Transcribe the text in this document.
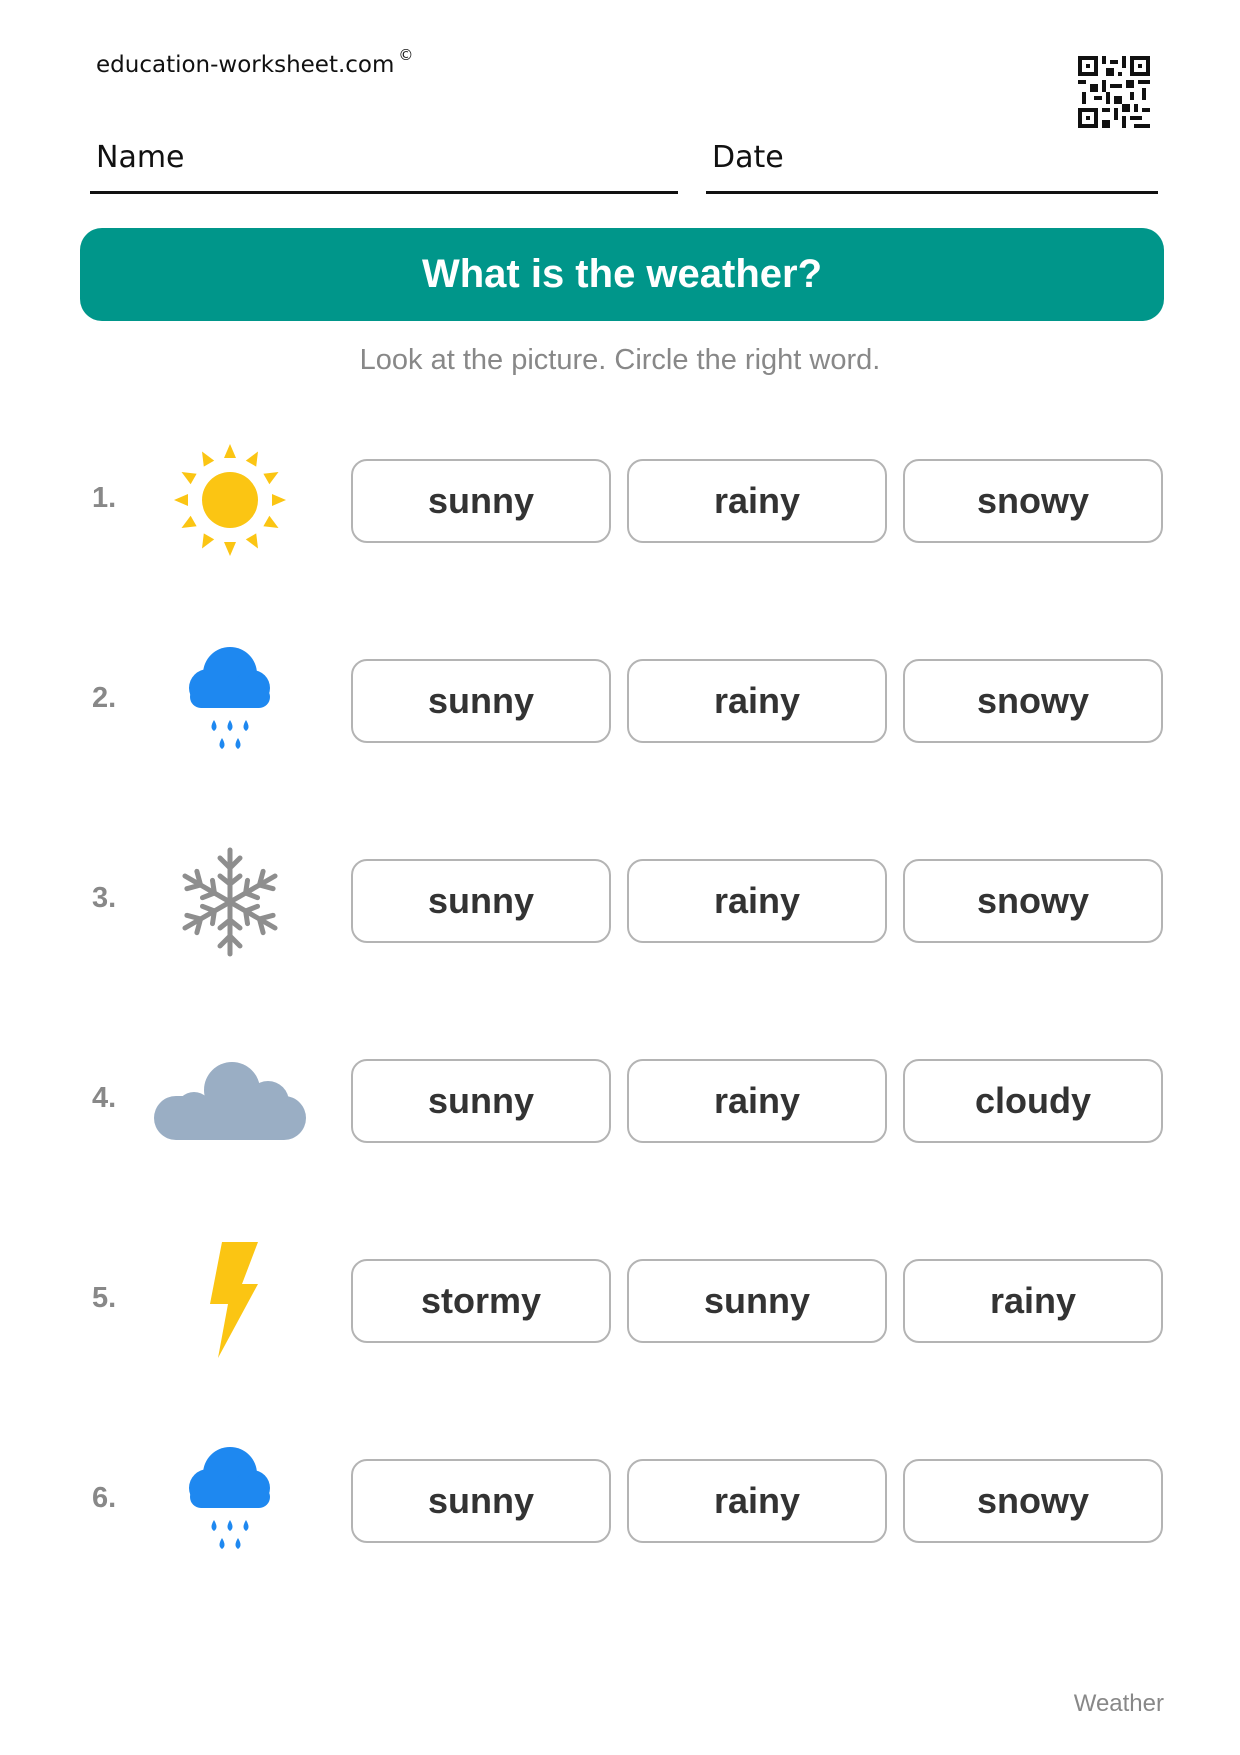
education-worksheet.com ©
Name	Date
What is the weather?
Look at the picture. Circle the right word.
1.	sunny	rainy	snowy
2.	sunny	rainy	snowy
3.	sunny	rainy	snowy
4.	sunny	rainy	cloudy
5.	stormy	sunny	rainy
6.	sunny	rainy	snowy
Weather
